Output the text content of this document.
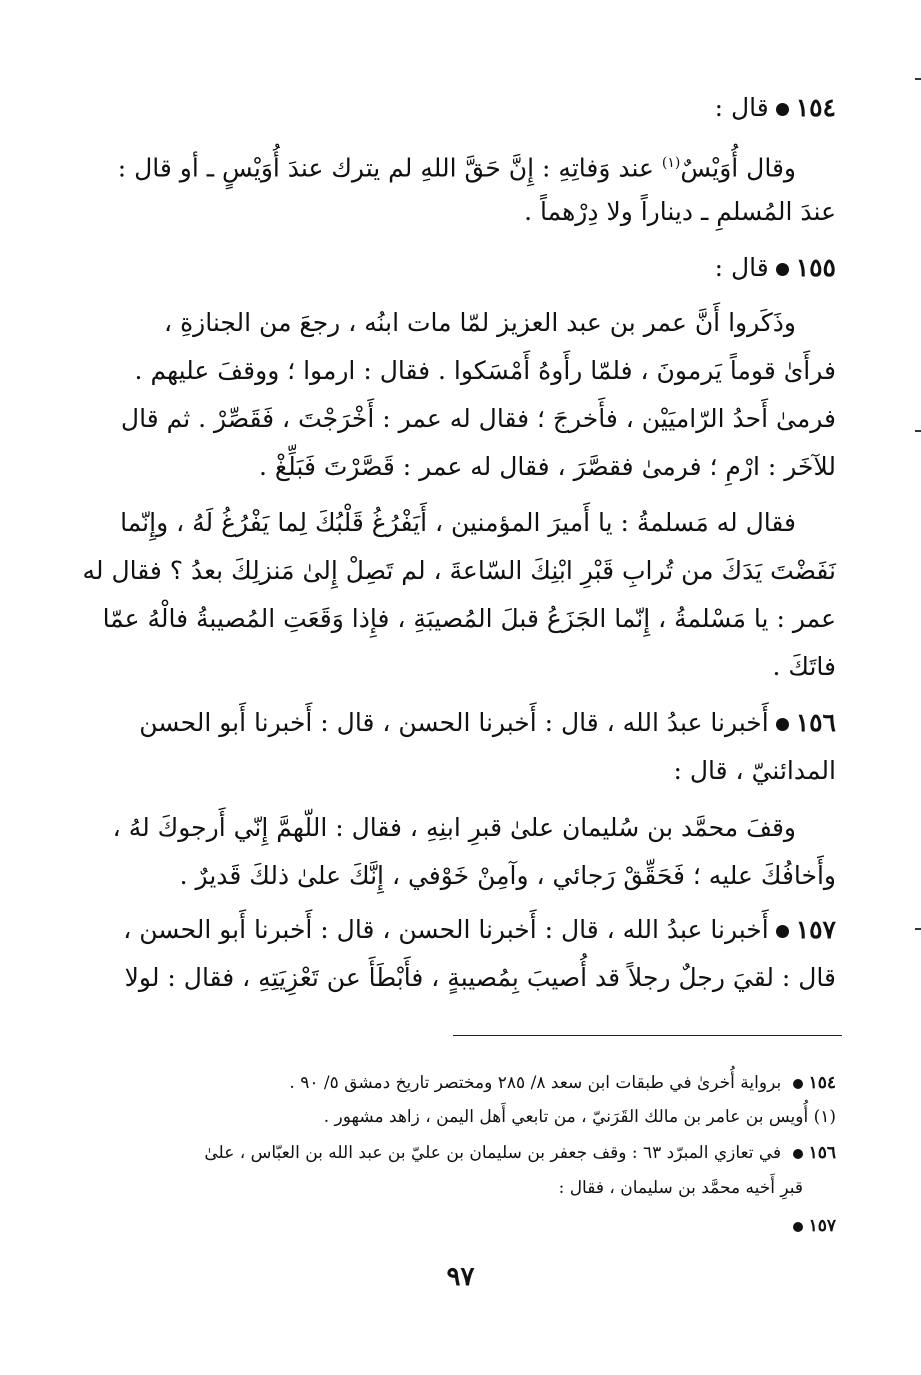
١٥٤قال :

وقال أُوَيْسٌ$^{(١)}$ عند وَفاتِهِ : إِنَّ حَقَّ اللهِ لم يترك عندَ أُوَيْسٍ ـ أو قال :

عندَ المُسلمِ ـ ديناراً ولا دِرْهماً .

١٥٥قال :

وذَكَروا أَنَّ عمر بن عبد العزيز لمّا مات ابنُه ، رجعَ من الجنازةِ ،

فرأَىٰ قوماً يَرمونَ ، فلمّا رأَوهُ أَمْسَكوا . فقال : ارموا ؛ ووقفَ عليهم .

فرمىٰ أَحدُ الرّاميَيْن ، فأَخرجَ ؛ فقال له عمر : أَخْرَجْتَ ، فَقَصِّرْ . ثم قال

للآخَر : ارْمِ ؛ فرمىٰ فقصَّرَ ، فقال له عمر : قَصَّرْتَ فَبَلِّغْ .

فقال له مَسلمةُ : يا أَميرَ المؤمنين ، أَيَفْرُغُ قَلْبُكَ لِما يَفْرُغُ لَهُ ، وإِنّما

نَفَضْتَ يَدَكَ من تُرابِ قَبْرِ ابْنِكَ السّاعةَ ، لم تَصِلْ إِلىٰ مَنزلِكَ بعدُ ؟ فقال له

عمر : يا مَسْلمةُ ، إِنّما الجَزَعُ قبلَ المُصيبَةِ ، فإِذا وَقَعَتِ المُصيبةُ فالْهُ عمّا

فاتَكَ .

١٥٦أَخبرنا عبدُ الله ، قال : أَخبرنا الحسن ، قال : أَخبرنا أَبو الحسن

المدائنيّ ، قال :

وقفَ محمَّد بن سُليمان علىٰ قبرِ ابنِهِ ، فقال : اللّهمَّ إِنّي أَرجوكَ لهُ ،

وأَخافُكَ عليه ؛ فَحَقِّقْ رَجائي ، وآمِنْ خَوْفي ، إِنَّكَ علىٰ ذلكَ قَديرٌ .

١٥٧أَخبرنا عبدُ الله ، قال : أَخبرنا الحسن ، قال : أَخبرنا أَبو الحسن ،

قال : لقيَ رجلٌ رجلاً قد أُصيبَ بِمُصيبةٍ ، فأَبْطَأَ عن تَعْزِيَتِهِ ، فقال : لولا

١٥٤ برواية أُخرىٰ في طبقات ابن سعد ٨/ ٢٨٥ ومختصر تاريخ دمشق ٥/ ٩٠ .

(١) أُويس بن عامر بن مالك القَرَنيّ ، من تابعي أَهل اليمن ، زاهد مشهور .

١٥٦ في تعازي المبرّد ٦٣ : وقف جعفر بن سليمان بن عليّ بن عبد الله بن العبّاس ، علىٰ

قبرِ أَخيه محمَّد بن سليمان ، فقال :

١٥٧

٩٧
